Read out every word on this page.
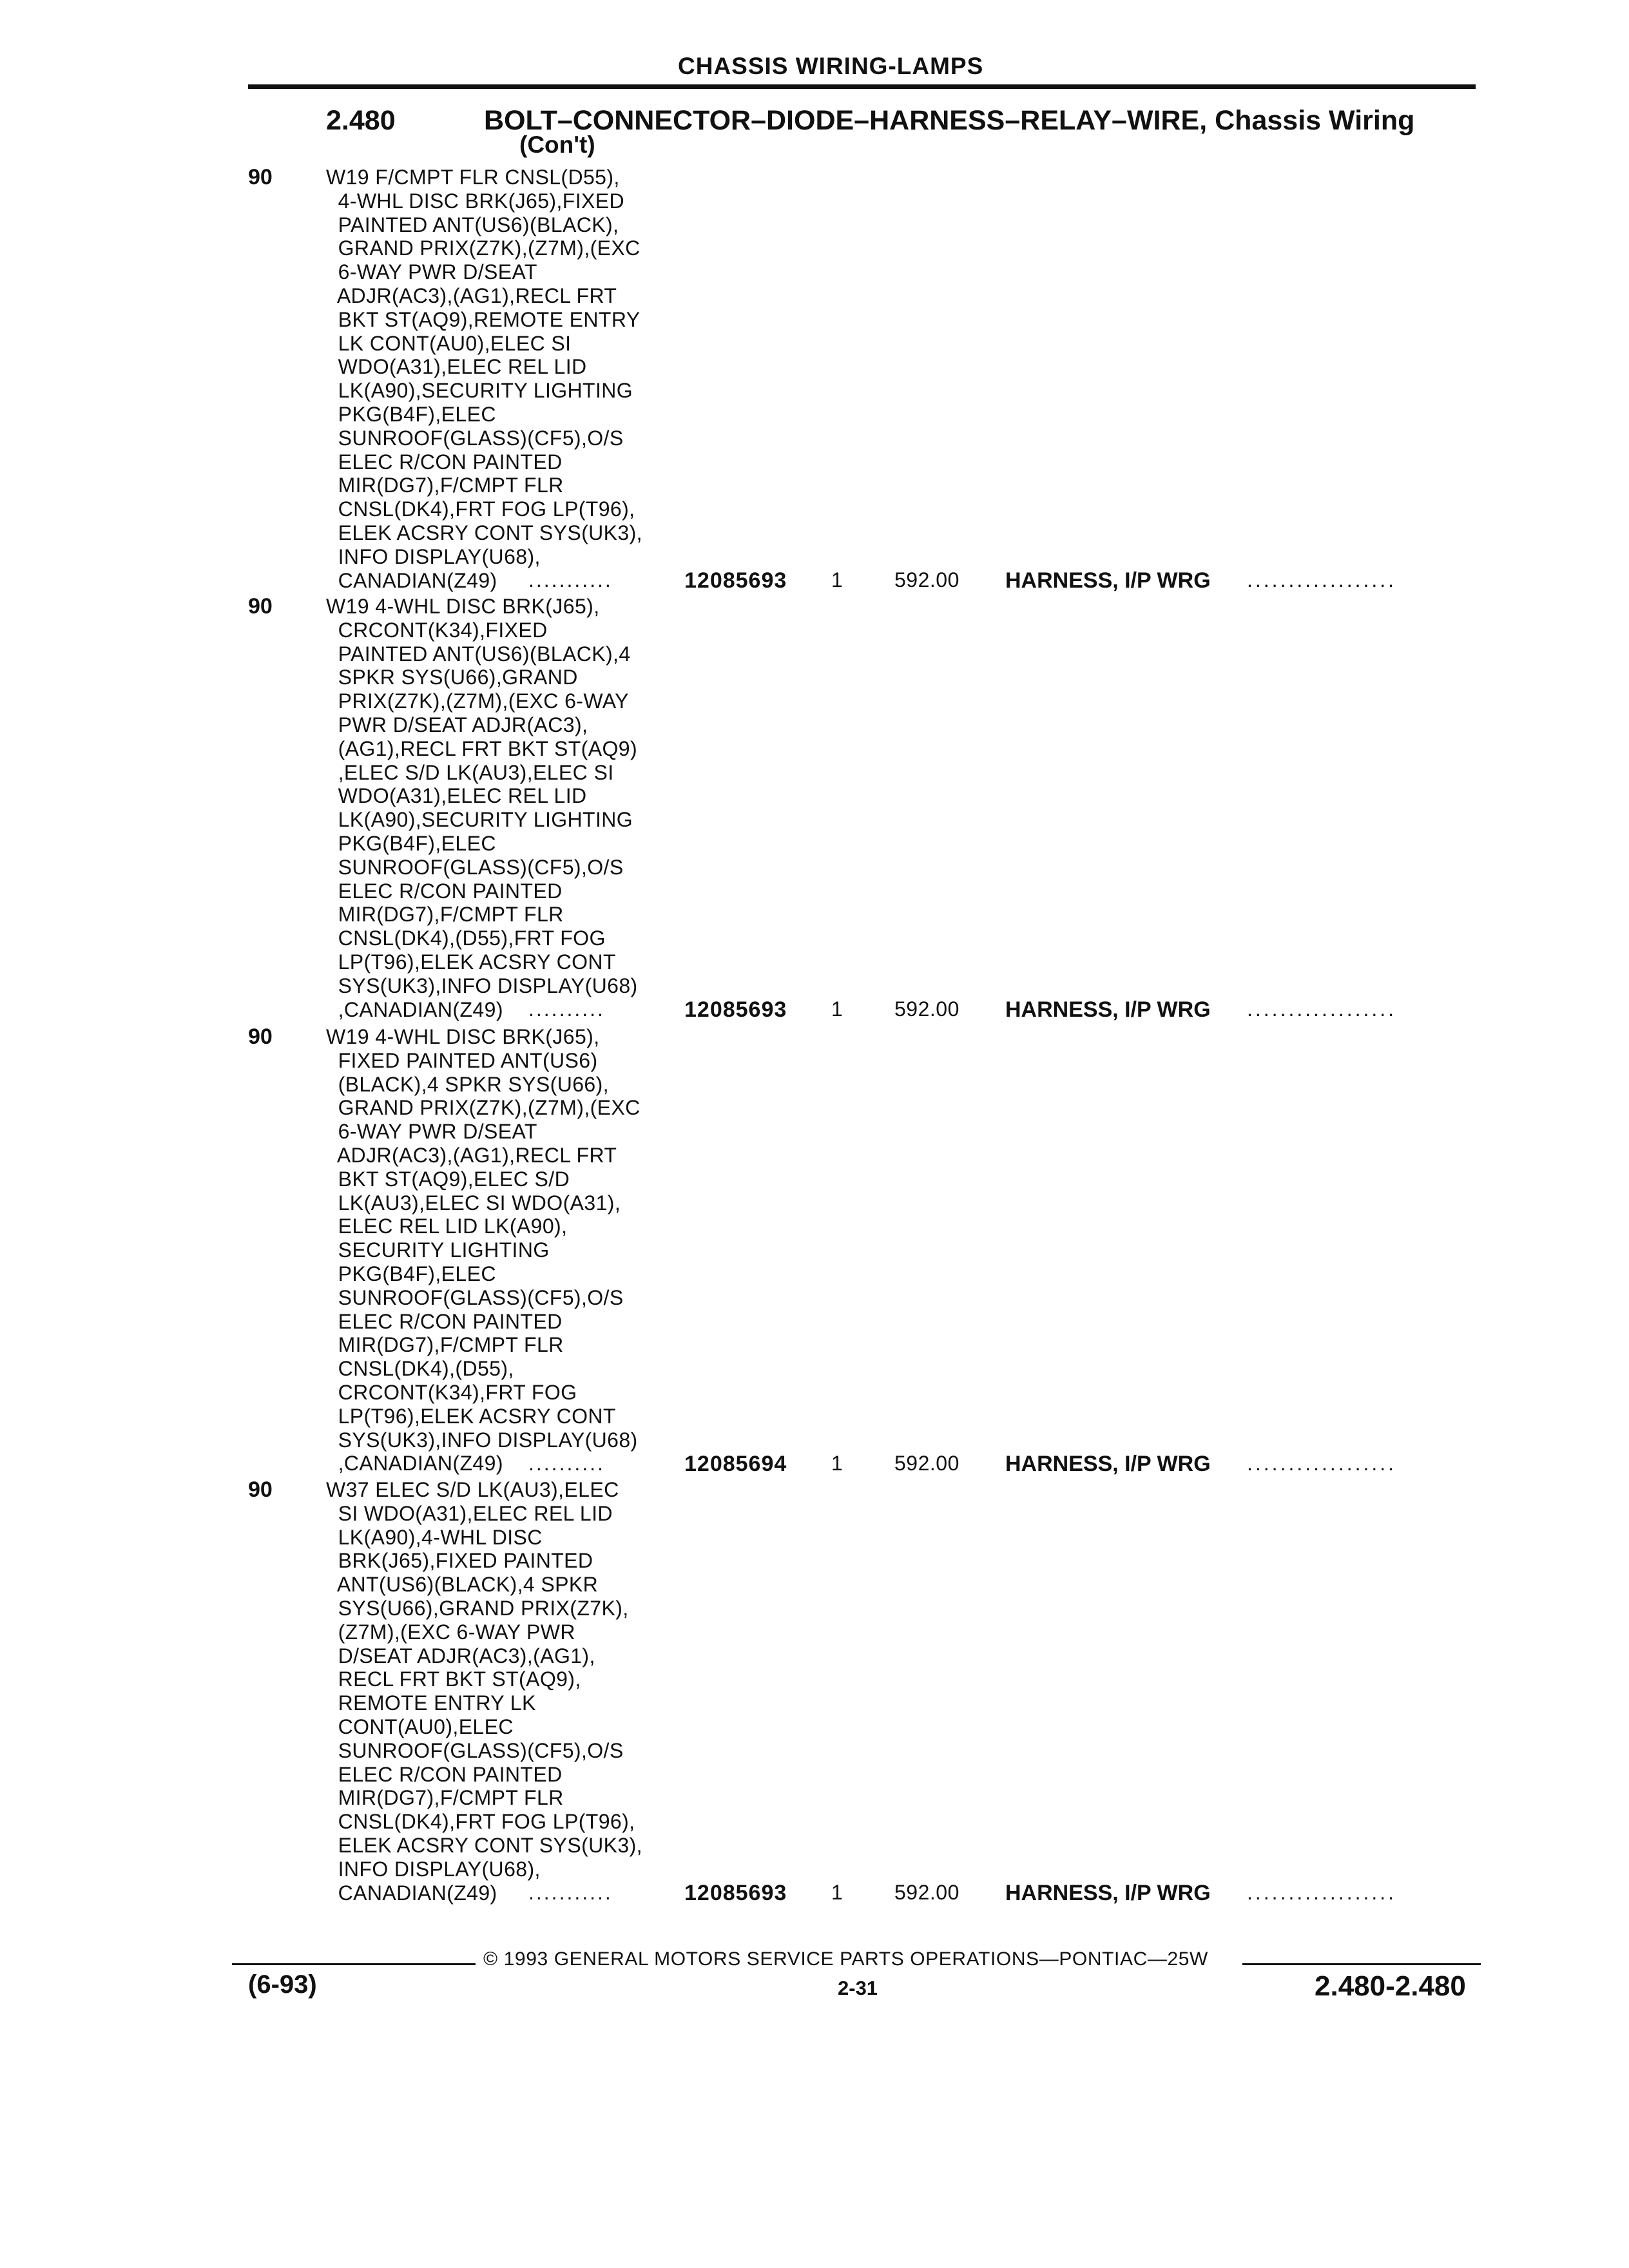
CHASSIS WIRING-LAMPS
2.480	BOLT–CONNECTOR–DIODE–HARNESS–RELAY–WIRE, Chassis Wiring
(Con't)
90	W19 F/CMPT FLR CNSL(D55),
4-WHL DISC BRK(J65),FIXED
PAINTED ANT(US6)(BLACK),
GRAND PRIX(Z7K),(Z7M),(EXC
6-WAY PWR D/SEAT
ADJR(AC3),(AG1),RECL FRT
BKT ST(AQ9),REMOTE ENTRY
LK CONT(AU0),ELEC SI
WDO(A31),ELEC REL LID
LK(A90),SECURITY LIGHTING
PKG(B4F),ELEC
SUNROOF(GLASS)(CF5),O/S
ELEC R/CON PAINTED
MIR(DG7),F/CMPT FLR
CNSL(DK4),FRT FOG LP(T96),
ELEK ACSRY CONT SYS(UK3),
INFO DISPLAY(U68),
CANADIAN(Z49)	...........	12085693 1	592.00 HARNESS, I/P WRG ..................
90	W19 4-WHL DISC BRK(J65),
CRCONT(K34),FIXED
PAINTED ANT(US6)(BLACK),4
SPKR SYS(U66),GRAND
PRIX(Z7K),(Z7M),(EXC 6-WAY
PWR D/SEAT ADJR(AC3),
(AG1),RECL FRT BKT ST(AQ9)
,ELEC S/D LK(AU3),ELEC SI
WDO(A31),ELEC REL LID
LK(A90),SECURITY LIGHTING
PKG(B4F),ELEC
SUNROOF(GLASS)(CF5),O/S
ELEC R/CON PAINTED
MIR(DG7),F/CMPT FLR
CNSL(DK4),(D55),FRT FOG
LP(T96),ELEK ACSRY CONT
SYS(UK3),INFO DISPLAY(U68)
,CANADIAN(Z49)	..........	12085693 1	592.00 HARNESS, I/P WRG ..................
90	W19 4-WHL DISC BRK(J65),
FIXED PAINTED ANT(US6)
(BLACK),4 SPKR SYS(U66),
GRAND PRIX(Z7K),(Z7M),(EXC
6-WAY PWR D/SEAT
ADJR(AC3),(AG1),RECL FRT
BKT ST(AQ9),ELEC S/D
LK(AU3),ELEC SI WDO(A31),
ELEC REL LID LK(A90),
SECURITY LIGHTING
PKG(B4F),ELEC
SUNROOF(GLASS)(CF5),O/S
ELEC R/CON PAINTED
MIR(DG7),F/CMPT FLR
CNSL(DK4),(D55),
CRCONT(K34),FRT FOG
LP(T96),ELEK ACSRY CONT
SYS(UK3),INFO DISPLAY(U68)
,CANADIAN(Z49)	..........	12085694 1	592.00 HARNESS, I/P WRG ..................
90	W37 ELEC S/D LK(AU3),ELEC
SI WDO(A31),ELEC REL LID
LK(A90),4-WHL DISC
BRK(J65),FIXED PAINTED
ANT(US6)(BLACK),4 SPKR
SYS(U66),GRAND PRIX(Z7K),
(Z7M),(EXC 6-WAY PWR
D/SEAT ADJR(AC3),(AG1),
RECL FRT BKT ST(AQ9),
REMOTE ENTRY LK
CONT(AU0),ELEC
SUNROOF(GLASS)(CF5),O/S
ELEC R/CON PAINTED
MIR(DG7),F/CMPT FLR
CNSL(DK4),FRT FOG LP(T96),
ELEK ACSRY CONT SYS(UK3),
INFO DISPLAY(U68),
CANADIAN(Z49)	...........	12085693 1	592.00 HARNESS, I/P WRG ..................
© 1993 GENERAL MOTORS SERVICE PARTS OPERATIONS—PONTIAC—25W
(6-93)	2-31	2.480-2.480
